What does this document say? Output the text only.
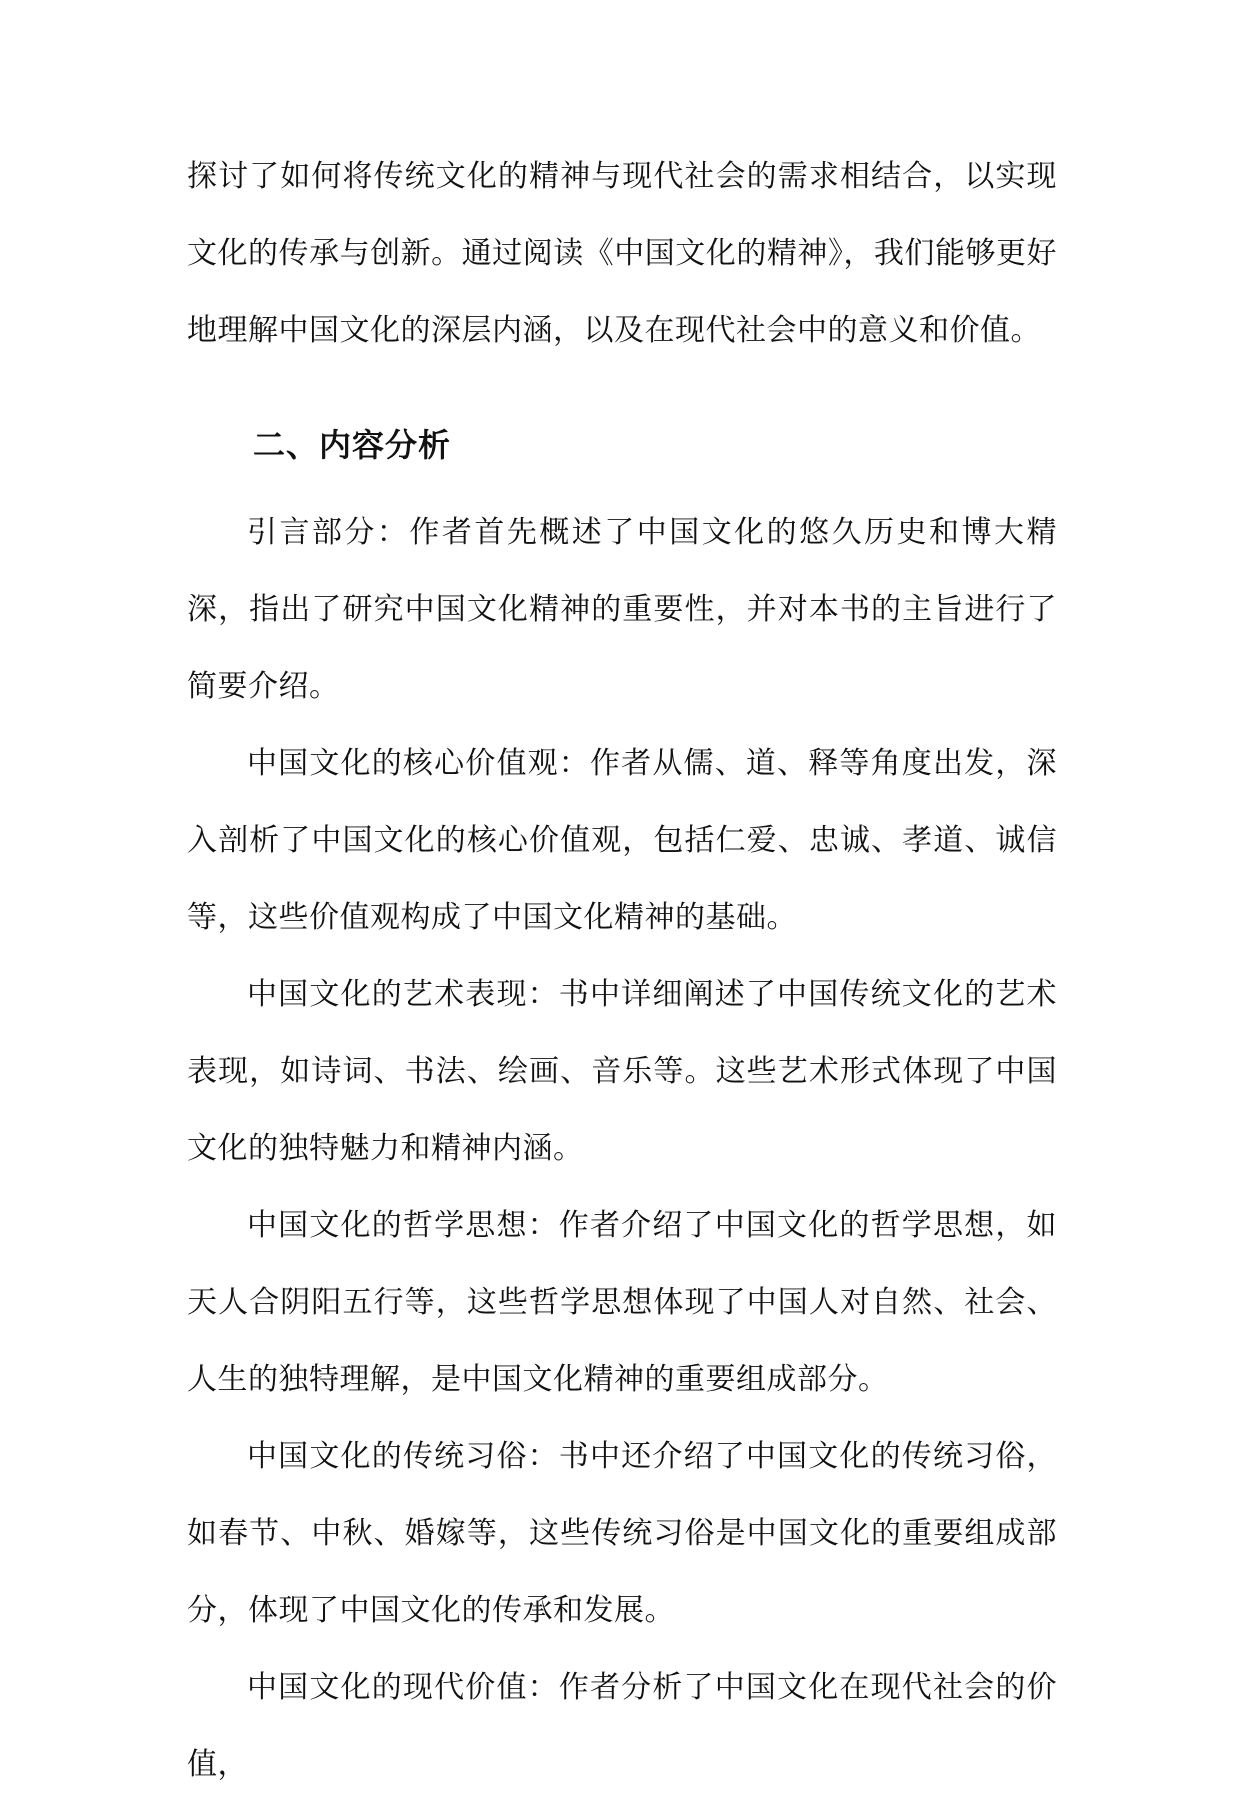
探讨了如何将传统文化的精神与现代社会的需求相结合，以实现文化的传承与创新。通过阅读《中国文化的精神》，我们能够更好地理解中国文化的深层内涵，以及在现代社会中的意义和价值。

二、内容分析

引言部分：作者首先概述了中国文化的悠久历史和博大精深，指出了研究中国文化精神的重要性，并对本书的主旨进行了简要介绍。

中国文化的核心价值观：作者从儒、道、释等角度出发，深入剖析了中国文化的核心价值观，包括仁爱、忠诚、孝道、诚信等，这些价值观构成了中国文化精神的基础。

中国文化的艺术表现：书中详细阐述了中国传统文化的艺术表现，如诗词、书法、绘画、音乐等。这些艺术形式体现了中国文化的独特魅力和精神内涵。

中国文化的哲学思想：作者介绍了中国文化的哲学思想，如天人合阴阳五行等，这些哲学思想体现了中国人对自然、社会、人生的独特理解，是中国文化精神的重要组成部分。

中国文化的传统习俗：书中还介绍了中国文化的传统习俗，如春节、中秋、婚嫁等，这些传统习俗是中国文化的重要组成部分，体现了中国文化的传承和发展。

中国文化的现代价值：作者分析了中国文化在现代社会的价值，
